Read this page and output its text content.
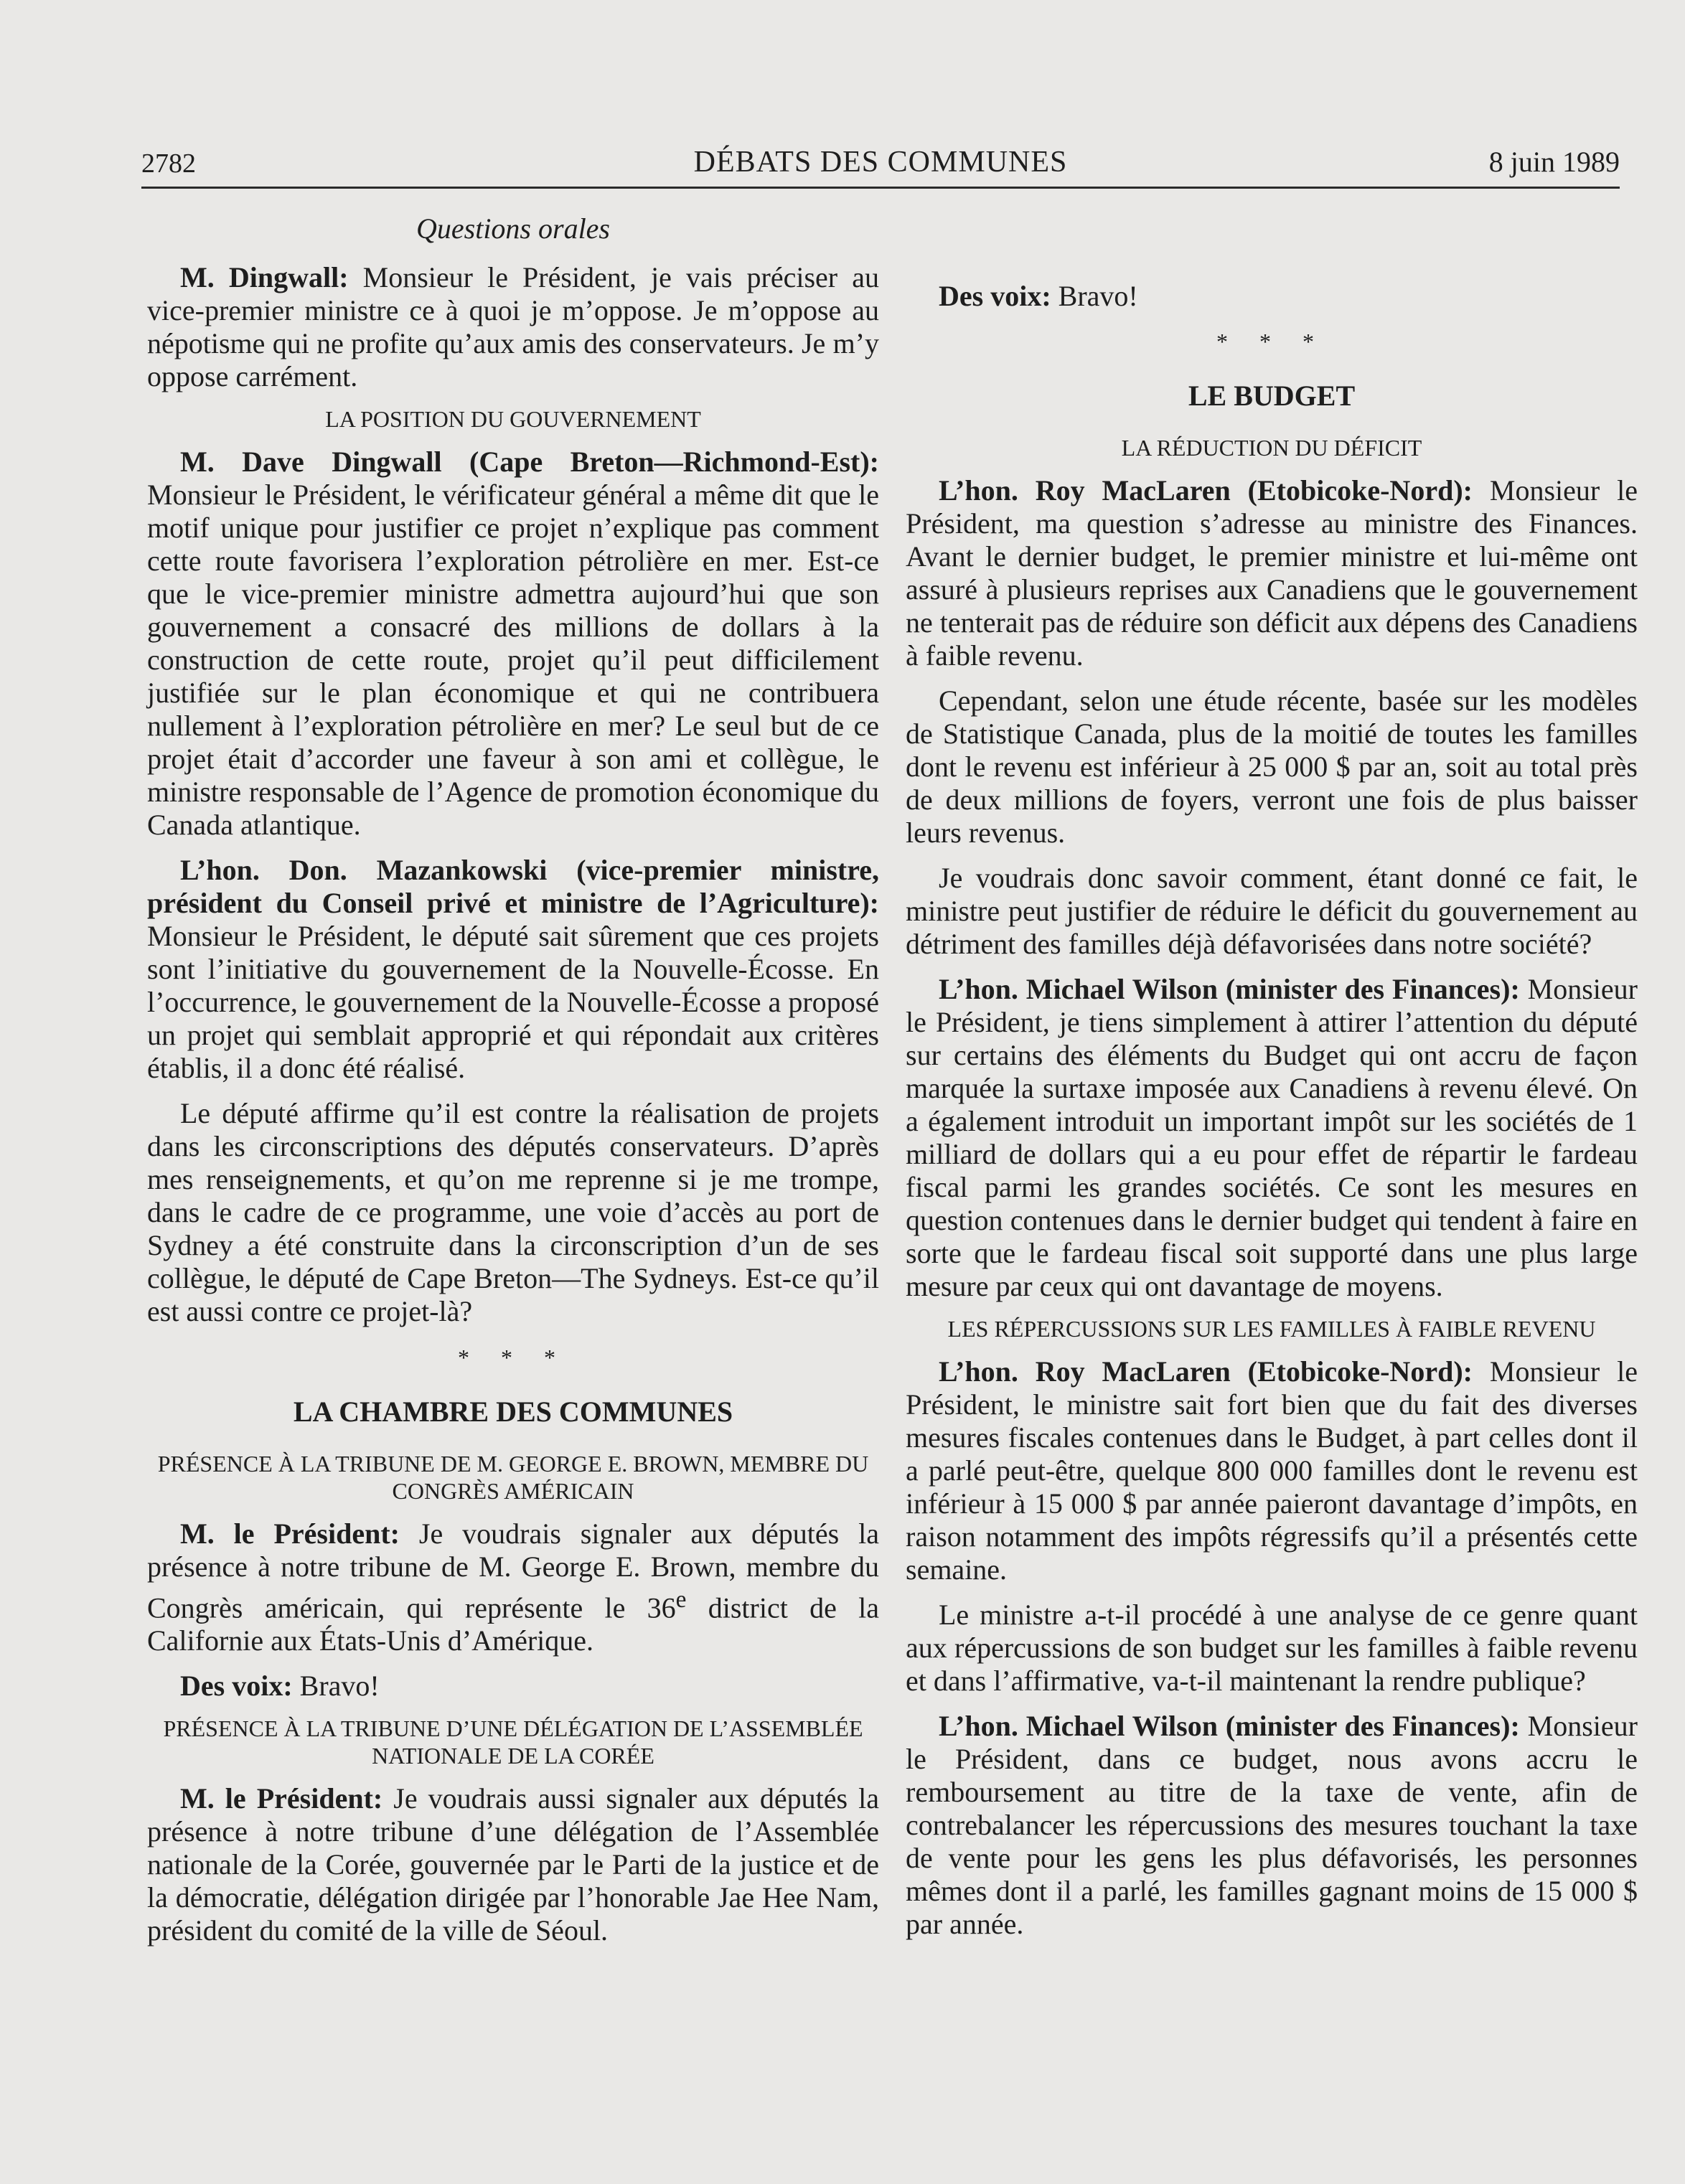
2782	DÉBATS DES COMMUNES	8 juin 1989
Questions orales

M. Dingwall: Monsieur le Président, je vais préciser au vice-premier ministre ce à quoi je m’oppose. Je m’oppose au népotisme qui ne profite qu’aux amis des conservateurs. Je m’y oppose carrément.

LA POSITION DU GOUVERNEMENT

M. Dave Dingwall (Cape Breton—Richmond-Est): Monsieur le Président, le vérificateur général a même dit que le motif unique pour justifier ce projet n’explique pas comment cette route favorisera l’exploration pétrolière en mer. Est-ce que le vice-premier ministre admettra aujourd’hui que son gouvernement a consacré des millions de dollars à la construction de cette route, projet qu’il peut difficilement justifiée sur le plan économique et qui ne contribuera nullement à l’exploration pétrolière en mer? Le seul but de ce projet était d’accorder une faveur à son ami et collègue, le ministre responsable de l’Agence de promotion économique du Canada atlantique.

L’hon. Don. Mazankowski (vice-premier ministre, président du Conseil privé et ministre de l’Agriculture): Monsieur le Président, le député sait sûrement que ces projets sont l’initiative du gouvernement de la Nouvelle-Écosse. En l’occurrence, le gouvernement de la Nouvelle-Écosse a proposé un projet qui semblait approprié et qui répondait aux critères établis, il a donc été réalisé.

Le député affirme qu’il est contre la réalisation de projets dans les circonscriptions des députés conservateurs. D’après mes renseignements, et qu’on me reprenne si je me trompe, dans le cadre de ce programme, une voie d’accès au port de Sydney a été construite dans la circonscription d’un de ses collègue, le député de Cape Breton—The Sydneys. Est-ce qu’il est aussi contre ce projet-là?

* * *
LA CHAMBRE DES COMMUNES
PRÉSENCE À LA TRIBUNE DE M. GEORGE E. BROWN, MEMBRE DU CONGRÈS AMÉRICAIN

M. le Président: Je voudrais signaler aux députés la présence à notre tribune de M. George E. Brown, membre du Congrès américain, qui représente le 36e district de la Californie aux États-Unis d’Amérique.

Des voix: Bravo!

PRÉSENCE À LA TRIBUNE D’UNE DÉLÉGATION DE L’ASSEMBLÉE NATIONALE DE LA CORÉE

M. le Président: Je voudrais aussi signaler aux députés la présence à notre tribune d’une délégation de l’Assemblée nationale de la Corée, gouvernée par le Parti de la justice et de la démocratie, délégation dirigée par l’honorable Jae Hee Nam, président du comité de la ville de Séoul.

Des voix: Bravo!

* * *
LE BUDGET
LA RÉDUCTION DU DÉFICIT

L’hon. Roy MacLaren (Etobicoke-Nord): Monsieur le Président, ma question s’adresse au ministre des Finances. Avant le dernier budget, le premier ministre et lui-même ont assuré à plusieurs reprises aux Canadiens que le gouvernement ne tenterait pas de réduire son déficit aux dépens des Canadiens à faible revenu.

Cependant, selon une étude récente, basée sur les modèles de Statistique Canada, plus de la moitié de toutes les familles dont le revenu est inférieur à 25 000 $ par an, soit au total près de deux millions de foyers, verront une fois de plus baisser leurs revenus.

Je voudrais donc savoir comment, étant donné ce fait, le ministre peut justifier de réduire le déficit du gouvernement au détriment des familles déjà défavorisées dans notre société?

L’hon. Michael Wilson (minister des Finances): Monsieur le Président, je tiens simplement à attirer l’attention du député sur certains des éléments du Budget qui ont accru de façon marquée la surtaxe imposée aux Canadiens à revenu élevé. On a également introduit un important impôt sur les sociétés de 1 milliard de dollars qui a eu pour effet de répartir le fardeau fiscal parmi les grandes sociétés. Ce sont les mesures en question contenues dans le dernier budget qui tendent à faire en sorte que le fardeau fiscal soit supporté dans une plus large mesure par ceux qui ont davantage de moyens.

LES RÉPERCUSSIONS SUR LES FAMILLES À FAIBLE REVENU

L’hon. Roy MacLaren (Etobicoke-Nord): Monsieur le Président, le ministre sait fort bien que du fait des diverses mesures fiscales contenues dans le Budget, à part celles dont il a parlé peut-être, quelque 800 000 familles dont le revenu est inférieur à 15 000 $ par année paieront davantage d’impôts, en raison notamment des impôts régressifs qu’il a présentés cette semaine.

Le ministre a-t-il procédé à une analyse de ce genre quant aux répercussions de son budget sur les familles à faible revenu et dans l’affirmative, va-t-il maintenant la rendre publique?

L’hon. Michael Wilson (minister des Finances): Monsieur le Président, dans ce budget, nous avons accru le remboursement au titre de la taxe de vente, afin de contrebalancer les répercussions des mesures touchant la taxe de vente pour les gens les plus défavorisés, les personnes mêmes dont il a parlé, les familles gagnant moins de 15 000 $ par année.
